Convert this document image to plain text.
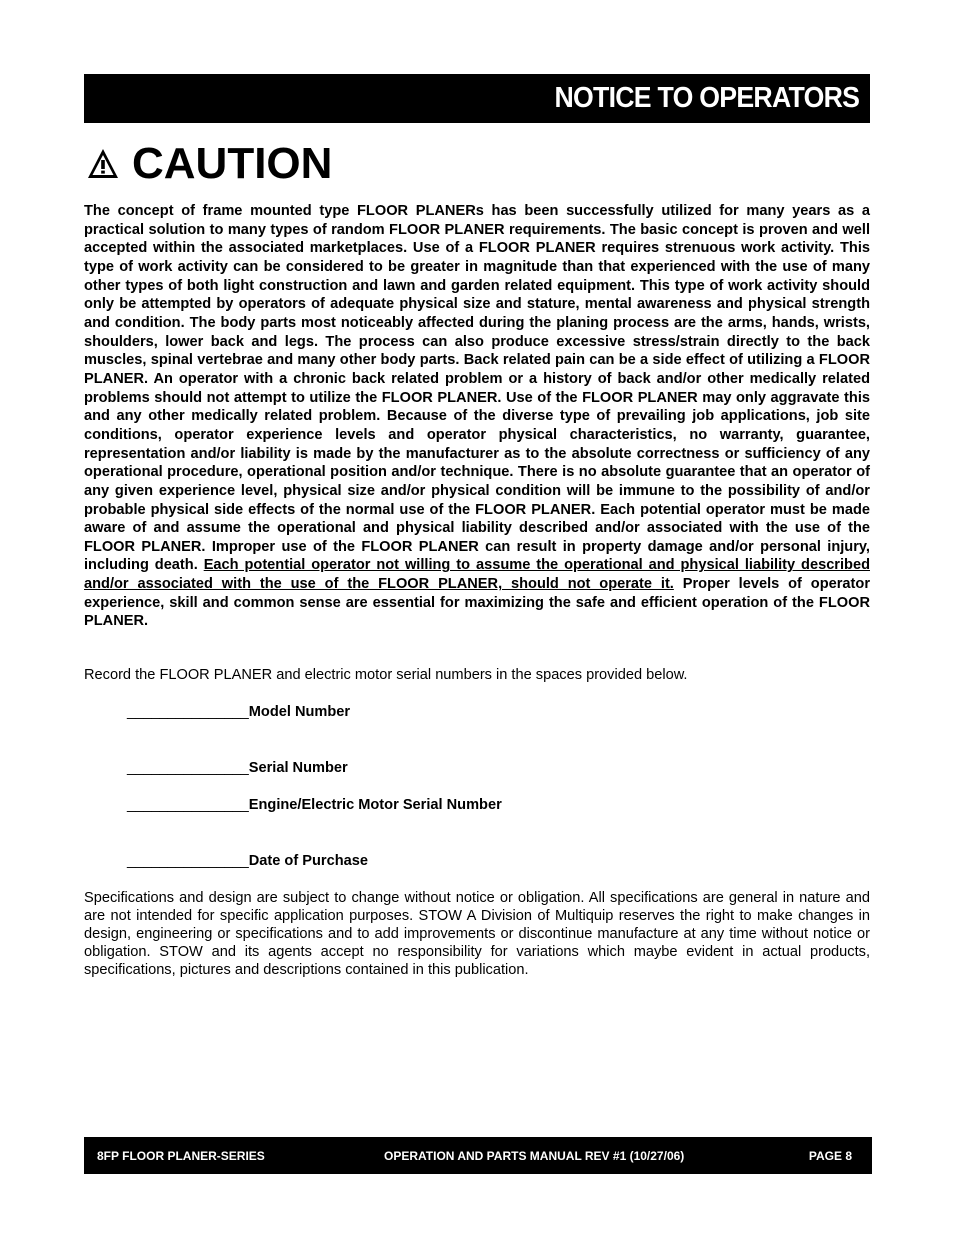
NOTICE TO OPERATORS
CAUTION

The concept of frame mounted type FLOOR PLANERs has been successfully utilized for many years as a practical solution to many types of random FLOOR PLANER requirements. The basic concept is proven and well accepted within the associated marketplaces. Use of a FLOOR PLANER requires strenuous work activity. This type of work activity can be considered to be greater in magnitude than that experienced with the use of many other types of both light construction and lawn and garden related equipment. This type of work activity should only be attempted by operators of adequate physical size and stature, mental awareness and physical strength and condition. The body parts most noticeably affected during the planing process are the arms, hands, wrists, shoulders, lower back and legs. The process can also produce excessive stress/strain directly to the back muscles, spinal vertebrae and many other body parts. Back related pain can be a side effect of utilizing a FLOOR PLANER. An operator with a chronic back related problem or a history of back and/or other medically related problems should not attempt to utilize the FLOOR PLANER. Use of the FLOOR PLANER may only aggravate this and any other medically related problem. Because of the diverse type of prevailing job applications, job site conditions, operator experience levels and operator physical characteristics, no warranty, guarantee, representation and/or liability is made by the manufacturer as to the absolute correctness or sufficiency of any operational procedure, operational position and/or technique. There is no absolute guarantee that an operator of any given experience level, physical size and/or physical condition will be immune to the possibility of and/or probable physical side effects of the normal use of the FLOOR PLANER. Each potential operator must be made aware of and assume the operational and physical liability described and/or associated with the use of the FLOOR PLANER. Improper use of the FLOOR PLANER can result in property damage and/or personal injury, including death. Each potential operator not willing to assume the operational and physical liability described and/or associated with the use of the FLOOR PLANER, should not operate it. Proper levels of operator experience, skill and common sense are essential for maximizing the safe and efficient operation of the FLOOR PLANER.

Record the FLOOR PLANER and electric motor serial numbers in the spaces provided below.

_______________ Model Number
_______________ Serial Number
_______________ Engine/Electric Motor Serial Number
_______________ Date of Purchase

Specifications and design are subject to change without notice or obligation. All specifications are general in nature and are not intended for specific application purposes. STOW A Division of Multiquip reserves the right to make changes in design, engineering or specifications and to add improvements or discontinue manufacture at any time without notice or obligation. STOW and its agents accept no responsibility for variations which maybe evident in actual products, specifications, pictures and descriptions contained in this publication.

8FP FLOOR PLANER-SERIES	OPERATION AND PARTS MANUAL REV #1 (10/27/06)	PAGE 8
